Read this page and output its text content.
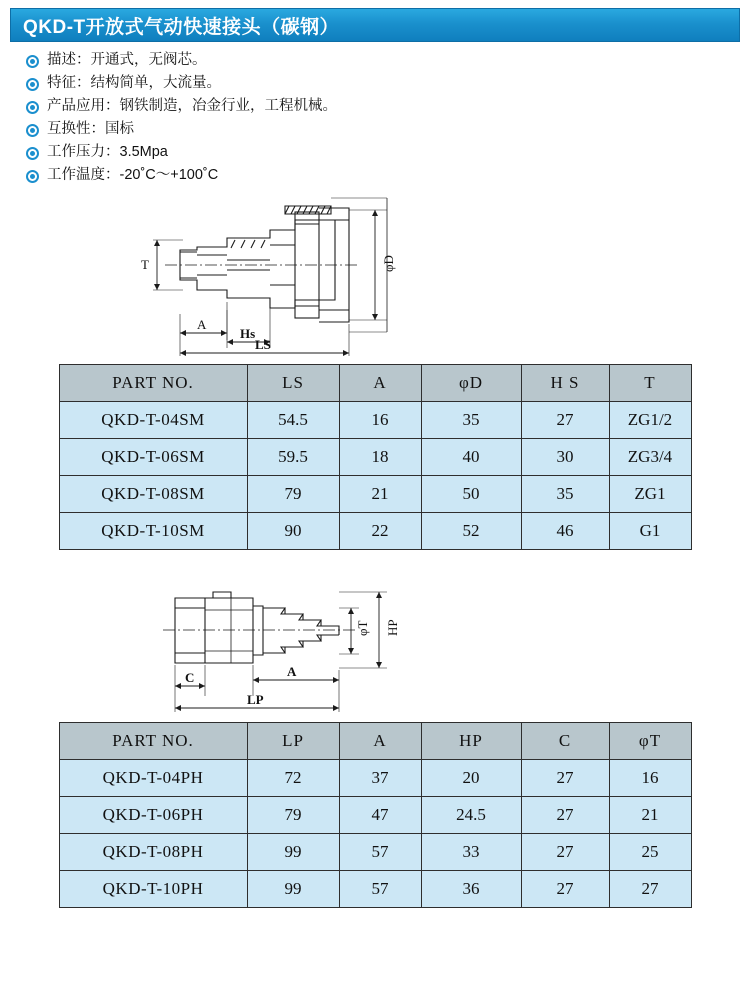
QKD-T开放式气动快速接头（碳钢）
描述：开通式，无阀芯。
特征：结构简单，大流量。
产品应用：钢铁制造，冶金行业，工程机械。
互换性：国标
工作压力：3.5Mpa
工作温度：-20˚C～+100˚C
T	φD
A
Hs
LS
PART NO.	LS	A	φD	H S	T
QKD-T-04SM	54.5	16	35	27	ZG1/2
QKD-T-06SM	59.5	18	40	30	ZG3/4
QKD-T-08SM	79	21	50	35	ZG1
QKD-T-10SM	90	22	52	46	G1
φT HP
A
C
LP
PART NO.	LP	A	HP	C	φT
QKD-T-04PH	72	37	20	27	16
QKD-T-06PH	79	47	24.5	27	21
QKD-T-08PH	99	57	33	27	25
QKD-T-10PH	99	57	36	27	27
